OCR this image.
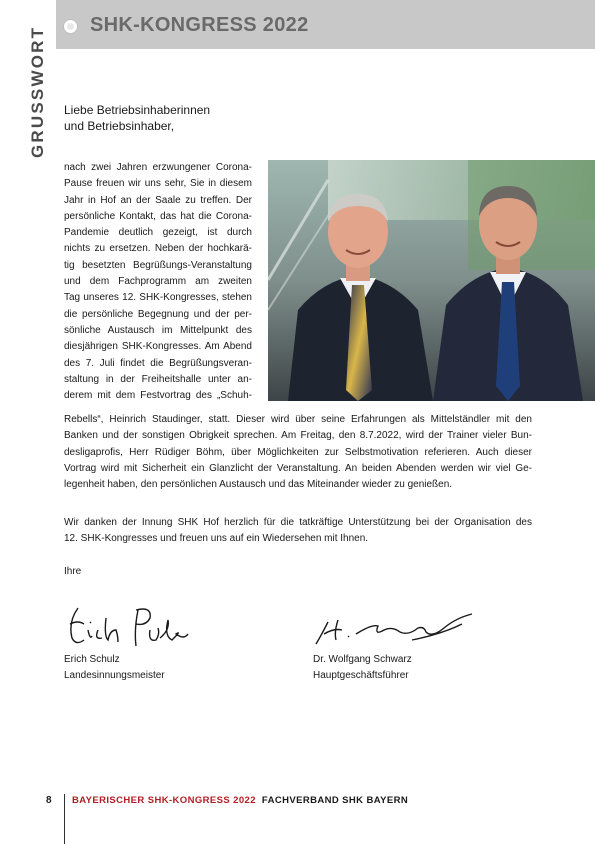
SHK-KONGRESS 2022
GRUSSWORT Liebe Betriebsinhaberinnen
und Betriebsinhaber,
nach zwei Jahren erzwungener Corona-
Pause freuen wir uns sehr, Sie in diesem
Jahr in Hof an der Saale zu treffen. Der
persönliche Kontakt, das hat die Corona-
Pandemie deutlich gezeigt, ist durch
nichts zu ersetzen. Neben der hochkarä-
tig besetzten Begrüßungs-Veranstaltung
und dem Fachprogramm am zweiten
Tag unseres 12. SHK-Kongresses, stehen
die persönliche Begegnung und der per-
sönliche Austausch im Mittelpunkt des
diesjährigen SHK-Kongresses. Am Abend
des 7. Juli findet die Begrüßungsveran-
staltung in der Freiheitshalle unter an-
derem mit dem Festvortrag des „Schuh-
Rebells“, Heinrich Staudinger, statt. Dieser wird über seine Erfahrungen als Mittelständler mit den
Banken und der sonstigen Obrigkeit sprechen. Am Freitag, den 8.7.2022, wird der Trainer vieler Bun-
desligaprofis, Herr Rüdiger Böhm, über Möglichkeiten zur Selbstmotivation referieren. Auch dieser
Vortrag wird mit Sicherheit ein Glanzlicht der Veranstaltung. An beiden Abenden werden wir viel Ge-
legenheit haben, den persönlichen Austausch und das Miteinander wieder zu genießen.
Wir danken der Innung SHK Hof herzlich für die tatkräftige Unterstützung bei der Organisation des
12. SHK-Kongresses und freuen uns auf ein Wiedersehen mit Ihnen.
Ihre
Erich Schulz
Landesinnungsmeister
Dr. Wolfgang Schwarz
Hauptgeschäftsführer
8 BAYERISCHER SHK-KONGRESS 2022 FACHVERBAND SHK BAYERN
